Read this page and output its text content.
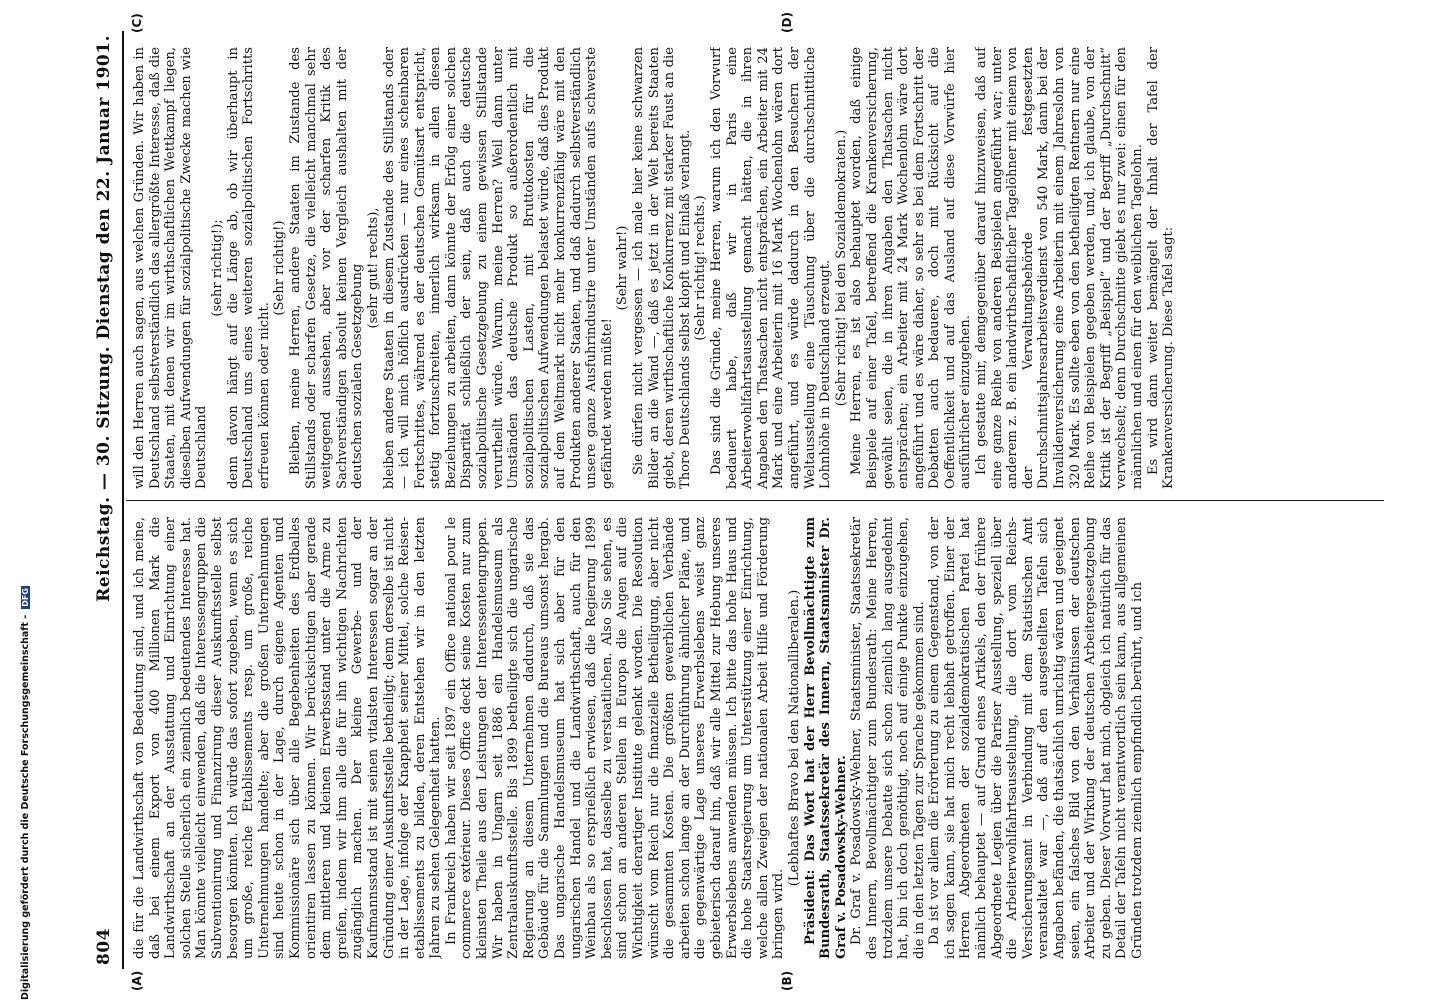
804
Reichstag. — 30. Sitzung. Dienstag den 22. Januar 1901.
(A)	(B)
(C)	(D)

die für die Landwirthschaft von Bedeutung sind, und ich meine, daß bei einem Export von 400 Millionen Mark die Landwirthschaft an der Ausstattung und Einrichtung einer solchen Stelle sicherlich ein ziemlich bedeutendes Interesse hat. Man könnte vielleicht einwenden, daß die Interessengruppen die Subventionirung und Finanzirung dieser Auskunftsstelle selbst besorgen könnten. Ich würde das sofort zugeben, wenn es sich um große, reiche Etablissements resp. um große, reiche Unternehmungen handelte; aber die großen Unternehmungen sind heute schon in der Lage, durch eigene Agenten und Kommissionäre sich über alle Begebenheiten des Erdballes orientiren lassen zu können. Wir berücksichtigen aber gerade dem mittleren und kleinen Erwerbsstand unter die Arme zu greifen, indem wir ihm alle die für ihn wichtigen Nachrichten zugänglich machen. Der kleine Gewerbe- und der Kaufmannsstand ist mit seinen vitalsten Interessen sogar an der Gründung einer Auskunftsstelle betheiligt; denn derselbe ist nicht in der Lage, infolge der Knappheit seiner Mittel, solche Reisen-etablissements zu bilden, deren Entstehen wir in den letzten Jahren zu sehen Gelegenheit hatten. In Frankreich haben wir seit 1897 ein Office national pour le commerce extérieur. Dieses Office deckt seine Kosten nur zum kleinsten Theile aus den Leistungen der Interessentengruppen. Wir haben in Ungarn seit 1886 ein Handelsmuseum als Zentralauskunftsstelle. Bis 1899 betheiligte sich die ungarische Regierung an diesem Unternehmen dadurch, daß sie das Gebäude für die Sammlungen und die Bureaus umsonst hergab. Das ungarische Handelsmuseum hat sich aber für den ungarischen Handel und die Landwirthschaft, auch für den Weinbau als so ersprießlich erwiesen, daß die Regierung 1899 beschlossen hat, dasselbe zu verstaatlichen. Also Sie sehen, es sind schon an anderen Stellen in Europa die Augen auf die Wichtigkeit derartiger Institute gelenkt worden. Die Resolution wünscht vom Reich nur die finanzielle Betheiligung, aber nicht die gesammten Kosten. Die größten gewerblichen Verbände arbeiten schon lange an der Durchführung ähnlicher Pläne, und die gegenwärtige Lage unseres Erwerbslebens weist ganz gebieterisch darauf hin, daß wir alle Mittel zur Hebung unseres Erwerbslebens anwenden müssen. Ich bitte das hohe Haus und die hohe Staatsregierung um Unterstützung einer Einrichtung, welche allen Zweigen der nationalen Arbeit Hilfe und Förderung bringen wird.

(Lebhaftes Bravo bei den Nationalliberalen.) Präsident: Das Wort hat der Herr Bevollmächtigte zum Bundesrath, Staatssekretär des Innern, Staatsminister Dr. Graf v. Posadowsky-Wehner. Dr. Graf v. Posadowsky-Wehner, Staatsminister, Staatssekretär des Innern, Bevollmächtigter zum Bundesrath: Meine Herren, trotzdem unsere Debatte sich schon ziemlich lang ausgedehnt hat, bin ich doch genöthigt, noch auf einige Punkte einzugehen, die in den letzten Tagen zur Sprache gekommen sind. Da ist vor allem die Erörterung zu einem Gegenstand, von der ich sagen kann, sie hat mich recht lebhaft getroffen. Einer der Herren Abgeordneten der sozialdemokratischen Partei hat nämlich behauptet — auf Grund eines Artikels, den der frühere Abgeordnete Legien über die Pariser Ausstellung, speziell über die Arbeiterwohlfahrtsausstellung, die dort vom Reichs-Versicherungsamt in Verbindung mit dem Statistischen Amt veranstaltet war —, daß auf den ausgestellten Tafeln sich Angaben befänden, die thatsächlich unrichtig wären und geeignet seien, ein falsches Bild von den Verhältnissen der deutschen Arbeiter und der Wirkung der deutschen Arbeitergesetzgebung zu geben. Dieser Vorwurf hat mich, obgleich ich natürlich für das Detail der Tafeln nicht verantwortlich sein kann, aus allgemeinen Gründen trotzdem ziemlich empfindlich berührt, und ich

will den Herren auch sagen, aus welchen Gründen. Wir haben in Deutschland selbstverständlich das allergrößte Interesse, daß die Staaten, mit denen wir im wirthschaftlichen Wettkampf liegen, dieselben Aufwendungen für sozialpolitische Zwecke machen wie Deutschland

(sehr richtig!); denn davon hängt auf die Länge ab, ob wir überhaupt in Deutschland uns eines weiteren sozialpolitischen Fortschritts erfreuen können oder nicht.

(Sehr richtig!) Bleiben, meine Herren, andere Staaten im Zustande des Stillstands oder scharfen Gesetze, die vielleicht manchmal sehr weitgegend aussehen, aber vor der scharfen Kritik des Sachverständigen absolut keinen Vergleich aushalten mit der deutschen sozialen Gesetzgebung (sehr gut! rechts), bleiben andere Staaten in diesem Zustande des Stillstands oder — ich will mich höflich ausdrücken — nur eines scheinbaren Fortschrittes, während es der deutschen Gemütsart entspricht, stetig fortzuschreiten, innerlich wirksam in allen diesen Beziehungen zu arbeiten, dann könnte der Erfolg einer solchen Disparität schließlich der sein, daß auch die deutsche sozialpolitische Gesetzgebung zu einem gewissen Stillstande verurtheilt würde. Warum, meine Herren? Weil dann unter Umständen das deutsche Produkt so außerordentlich mit sozialpolitischen Lasten, mit Bruttokosten für die sozialpolitischen Aufwendungen belastet würde, daß dies Produkt auf dem Weltmarkt nicht mehr konkurrenzfähig wäre mit den Produkten anderer Staaten, und daß dadurch selbstverständlich unsere ganze Ausfuhrindustrie unter Umständen aufs schwerste gefährdet werden müßte!

(Sehr wahr!) Sie dürfen nicht vergessen — ich male hier keine schwarzen Bilder an die Wand —, daß es jetzt in der Welt bereits Staaten giebt, deren wirthschaftliche Konkurrenz mit starker Faust an die Thore Deutschlands selbst klopft und Einlaß verlangt. (Sehr richtig! rechts.) Das sind die Gründe, meine Herren, warum ich den Vorwurf bedauert habe, daß wir in Paris eine Arbeiterwohlfahrtsausstellung gemacht hätten, die in ihren Angaben den Thatsachen nicht entsprächen, ein Arbeiter mit 24 Mark und eine Arbeiterin mit 16 Mark Wochenlohn wären dort angeführt, und es würde dadurch in den Besuchern der Weltausstellung eine Täuschung über die durchschnittliche Lohnhöhe in Deutschland erzeugt. (Sehr richtig! bei den Sozialdemokraten.) Meine Herren, es ist also behauptet worden, daß einige Beispiele auf einer Tafel, betreffend die Krankenversicherung, gewählt seien, die in ihren Angaben den Thatsachen nicht entsprächen; ein Arbeiter mit 24 Mark Wochenlohn wäre dort angeführt und es wäre daher, so sehr es bei dem Fortschritt der Debatten auch bedauere, doch mit Rücksicht auf die Oeffentlichkeit und auf das Ausland auf diese Vorwürfe hier ausführlicher einzugehen. Ich gestatte mir, demgegenüber darauf hinzuweisen, daß auf eine ganze Reihe von anderen Beispielen angeführt war; unter anderem z. B. ein landwirthschaftlicher Tagelöhner mit einem von der Verwaltungsbehörde festgesetzten Durchschnittsjahresarbeitsverdienst von 540 Mark, dann bei der Invalidenversicherung eine Arbeiterin mit einem Jahreslohn von 320 Mark. Es sollte eben von den betheiligten Rentnern nur eine Reihe von Beispielen gegeben werden, und, ich glaube, von der Kritik ist der Begriff „Beispiel“ und der Begriff „Durchschnitt“ verwechselt; denn Durchschnitte giebt es nur zwei: einen für den männlichen und einen für den weiblichen Tagelohn. Es wird dann weiter bemängelt der Inhalt der Tafel der Krankenversicherung. Diese Tafel sagt:

Digitalisierung gefördert durch die Deutsche Forschungsgemeinschaft -
DFG
